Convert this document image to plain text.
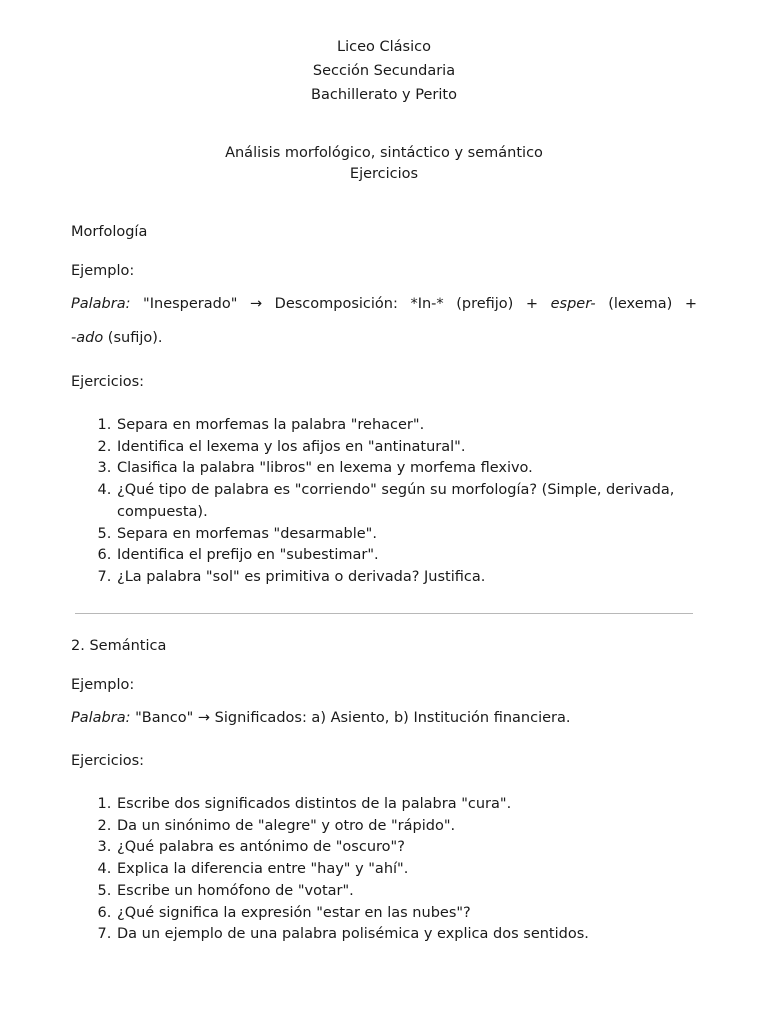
Liceo Clásico
Sección Secundaria
Bachillerato y Perito
Análisis morfológico, sintáctico y semántico
Ejercicios
Morfología
Ejemplo:
Palabra: "Inesperado" → Descomposición: *In-* (prefijo) + esper- (lexema) +
-ado (sufijo).
Ejercicios:
1. Separa en morfemas la palabra "rehacer".
2. Identifica el lexema y los afijos en "antinatural".
3. Clasifica la palabra "libros" en lexema y morfema flexivo.
4. ¿Qué tipo de palabra es "corriendo" según su morfología? (Simple, derivada, compuesta).
5. Separa en morfemas "desarmable".
6. Identifica el prefijo en "subestimar".
7. ¿La palabra "sol" es primitiva o derivada? Justifica.
2. Semántica
Ejemplo:
Palabra: "Banco" → Significados: a) Asiento, b) Institución financiera.
Ejercicios:
1. Escribe dos significados distintos de la palabra "cura".
2. Da un sinónimo de "alegre" y otro de "rápido".
3. ¿Qué palabra es antónimo de "oscuro"?
4. Explica la diferencia entre "hay" y "ahí".
5. Escribe un homófono de "votar".
6. ¿Qué significa la expresión "estar en las nubes"?
7. Da un ejemplo de una palabra polisémica y explica dos sentidos.
